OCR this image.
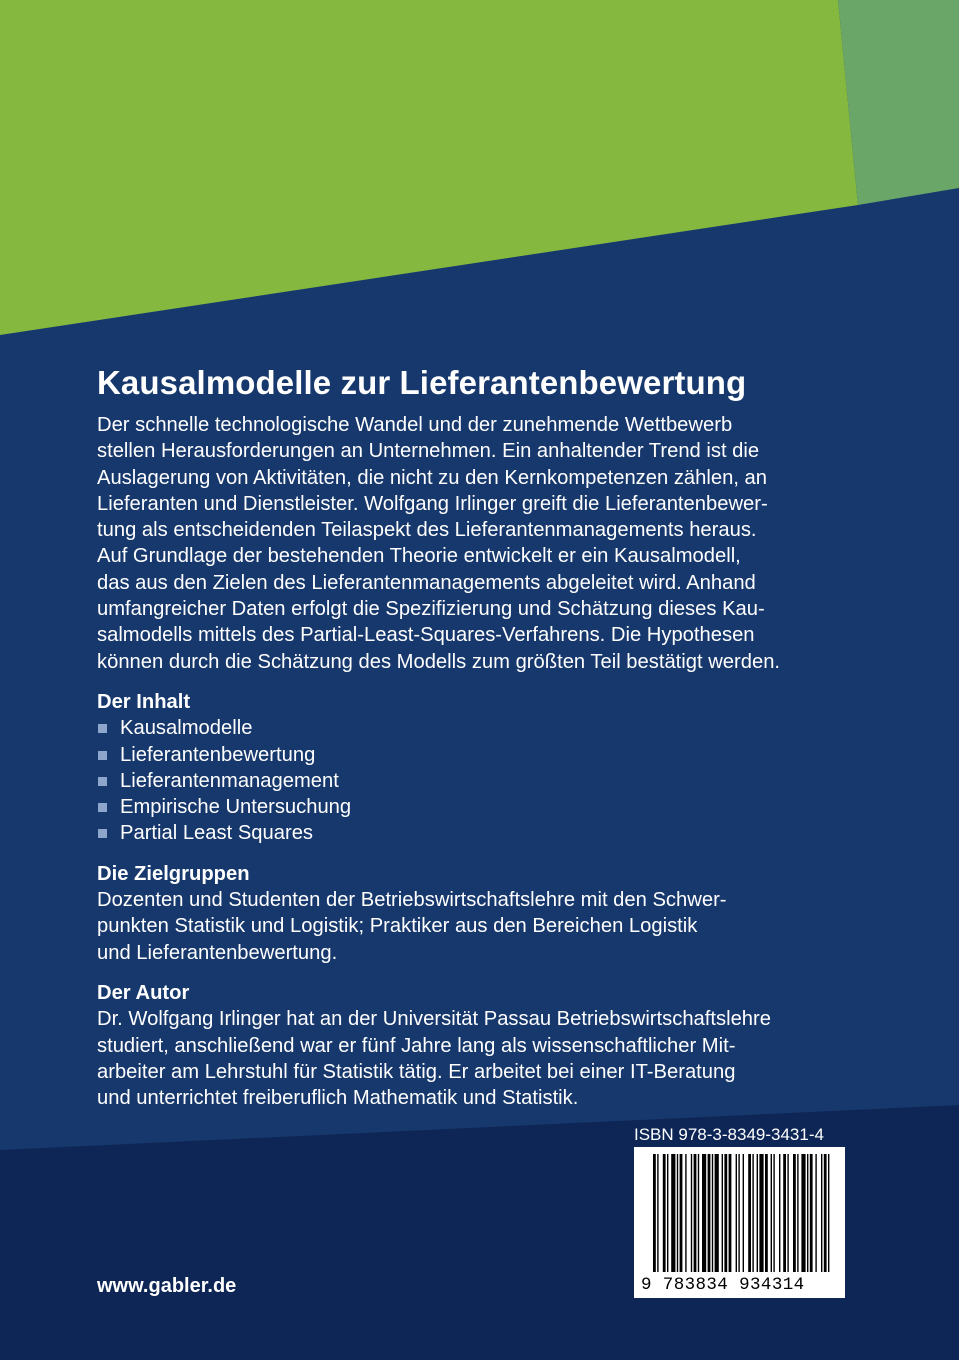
Kausalmodelle zur Lieferantenbewertung

Der schnelle technologische Wandel und der zunehmende Wettbewerb
stellen Herausforderungen an Unternehmen. Ein anhaltender Trend ist die
Auslagerung von Aktivitäten, die nicht zu den Kernkompetenzen zählen, an
Lieferanten und Dienstleister. Wolfgang Irlinger greift die Lieferantenbewer-
tung als entscheidenden Teilaspekt des Lieferantenmanagements heraus.
Auf Grundlage der bestehenden Theorie entwickelt er ein Kausalmodell,
das aus den Zielen des Lieferantenmanagements abgeleitet wird. Anhand
umfangreicher Daten erfolgt die Spezifizierung und Schätzung dieses Kau-
salmodells mittels des Partial-Least-Squares-Verfahrens. Die Hypothesen
können durch die Schätzung des Modells zum größten Teil bestätigt werden.

Der Inhalt
Kausalmodelle
Lieferantenbewertung
Lieferantenmanagement
Empirische Untersuchung
Partial Least Squares
Die Zielgruppen

Dozenten und Studenten der Betriebswirtschaftslehre mit den Schwer-
punkten Statistik und Logistik; Praktiker aus den Bereichen Logistik
und Lieferantenbewertung.

Der Autor

Dr. Wolfgang Irlinger hat an der Universität Passau Betriebswirtschaftslehre
studiert, anschließend war er fünf Jahre lang als wissenschaftlicher Mit-
arbeiter am Lehrstuhl für Statistik tätig. Er arbeitet bei einer IT-Beratung
und unterrichtet freiberuflich Mathematik und Statistik.

ISBN 978-3-8349-3431-4
9 783834 934314
www.gabler.de
